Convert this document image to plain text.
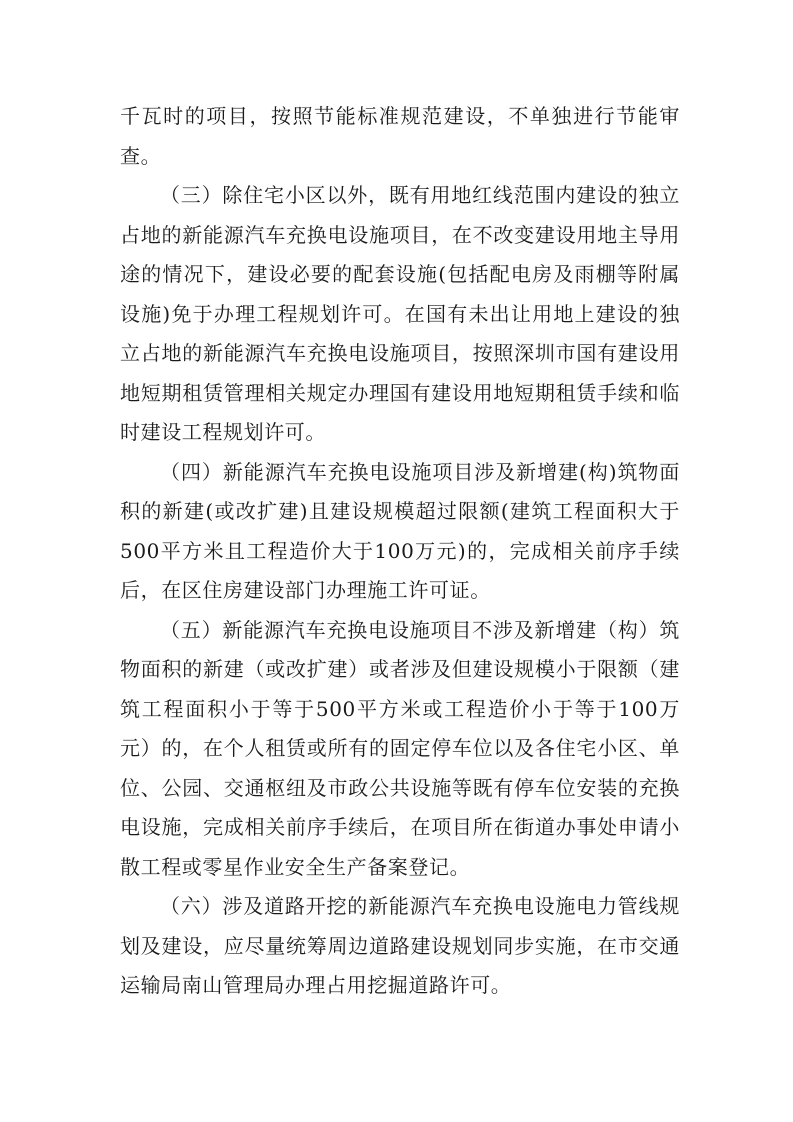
千瓦时的项目，按照节能标准规范建设，不单独进行节能审查。

（三）除住宅小区以外，既有用地红线范围内建设的独立占地的新能源汽车充换电设施项目，在不改变建设用地主导用途的情况下，建设必要的配套设施(包括配电房及雨棚等附属设施)免于办理工程规划许可。在国有未出让用地上建设的独立占地的新能源汽车充换电设施项目，按照深圳市国有建设用地短期租赁管理相关规定办理国有建设用地短期租赁手续和临时建设工程规划许可。

（四）新能源汽车充换电设施项目涉及新增建(构)筑物面积的新建(或改扩建)且建设规模超过限额(建筑工程面积大于500平方米且工程造价大于100万元)的，完成相关前序手续后，在区住房建设部门办理施工许可证。

（五）新能源汽车充换电设施项目不涉及新增建（构）筑物面积的新建（或改扩建）或者涉及但建设规模小于限额（建筑工程面积小于等于500平方米或工程造价小于等于100万元）的，在个人租赁或所有的固定停车位以及各住宅小区、单位、公园、交通枢纽及市政公共设施等既有停车位安装的充换电设施，完成相关前序手续后，在项目所在街道办事处申请小散工程或零星作业安全生产备案登记。

（六）涉及道路开挖的新能源汽车充换电设施电力管线规划及建设，应尽量统筹周边道路建设规划同步实施，在市交通运输局南山管理局办理占用挖掘道路许可。
